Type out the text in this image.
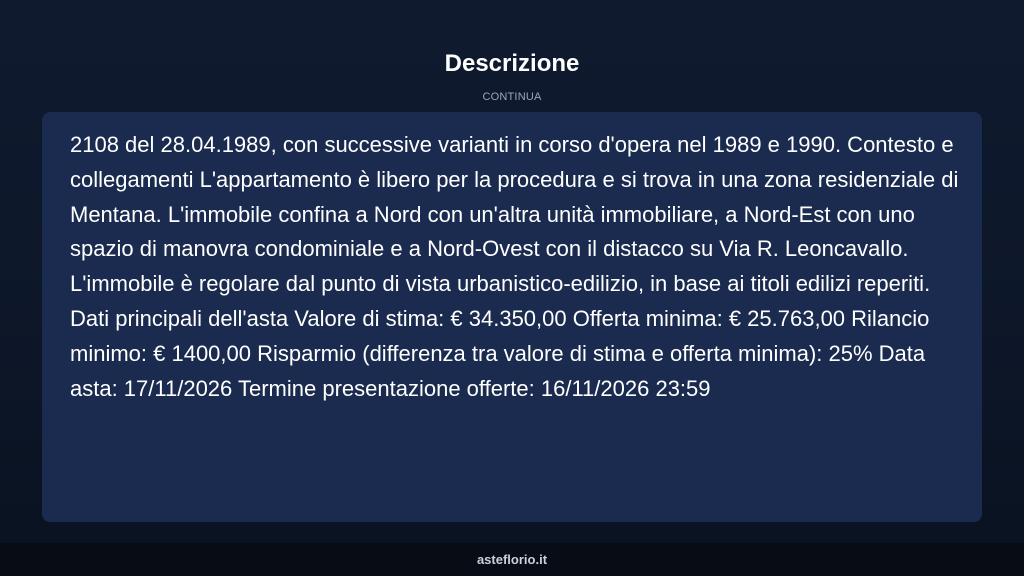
Descrizione
CONTINUA

2108 del 28.04.1989, con successive varianti in corso d'opera nel 1989 e 1990. Contesto e collegamenti L'appartamento è libero per la procedura e si trova in una zona residenziale di Mentana. L'immobile confina a Nord con un'altra unità immobiliare, a Nord-Est con uno spazio di manovra condominiale e a Nord-Ovest con il distacco su Via R. Leoncavallo. L'immobile è regolare dal punto di vista urbanistico-edilizio, in base ai titoli edilizi reperiti. Dati principali dell'asta Valore di stima: € 34.350,00 Offerta minima: € 25.763,00 Rilancio minimo: € 1400,00 Risparmio (differenza tra valore di stima e offerta minima): 25% Data asta: 17/11/2026 Termine presentazione offerte: 16/11/2026 23:59

asteflorio.it
